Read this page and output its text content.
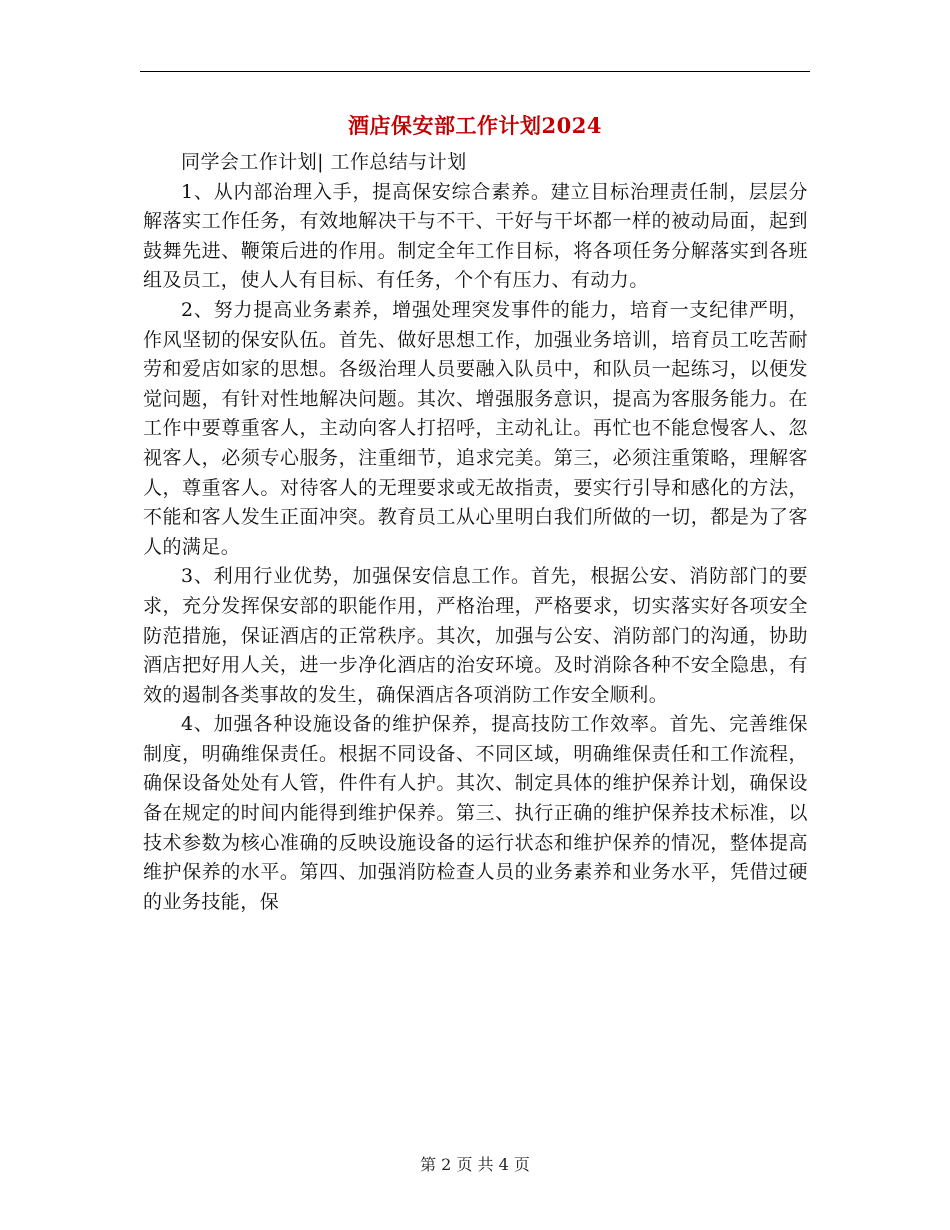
酒店保安部工作计划2024

同学会工作计划| 工作总结与计划

1、从内部治理入手，提高保安综合素养。建立目标治理责任制，层层分解落实工作任务，有效地解决干与不干、干好与干坏都一样的被动局面，起到鼓舞先进、鞭策后进的作用。制定全年工作目标，将各项任务分解落实到各班组及员工，使人人有目标、有任务，个个有压力、有动力。

2、努力提高业务素养，增强处理突发事件的能力，培育一支纪律严明，作风坚韧的保安队伍。首先、做好思想工作，加强业务培训，培育员工吃苦耐劳和爱店如家的思想。各级治理人员要融入队员中，和队员一起练习，以便发觉问题，有针对性地解决问题。其次、增强服务意识，提高为客服务能力。在工作中要尊重客人，主动向客人打招呼，主动礼让。再忙也不能怠慢客人、忽视客人，必须专心服务，注重细节，追求完美。第三，必须注重策略，理解客人，尊重客人。对待客人的无理要求或无故指责，要实行引导和感化的方法，不能和客人发生正面冲突。教育员工从心里明白我们所做的一切，都是为了客人的满足。

3、利用行业优势，加强保安信息工作。首先，根据公安、消防部门的要求，充分发挥保安部的职能作用，严格治理，严格要求，切实落实好各项安全防范措施，保证酒店的正常秩序。其次，加强与公安、消防部门的沟通，协助酒店把好用人关，进一步净化酒店的治安环境。及时消除各种不安全隐患，有效的遏制各类事故的发生，确保酒店各项消防工作安全顺利。

4、加强各种设施设备的维护保养，提高技防工作效率。首先、完善维保制度，明确维保责任。根据不同设备、不同区域，明确维保责任和工作流程，确保设备处处有人管，件件有人护。其次、制定具体的维护保养计划，确保设备在规定的时间内能得到维护保养。第三、执行正确的维护保养技术标准，以技术参数为核心准确的反映设施设备的运行状态和维护保养的情况，整体提高维护保养的水平。第四、加强消防检查人员的业务素养和业务水平，凭借过硬的业务技能，保

第 2 页 共 4 页
